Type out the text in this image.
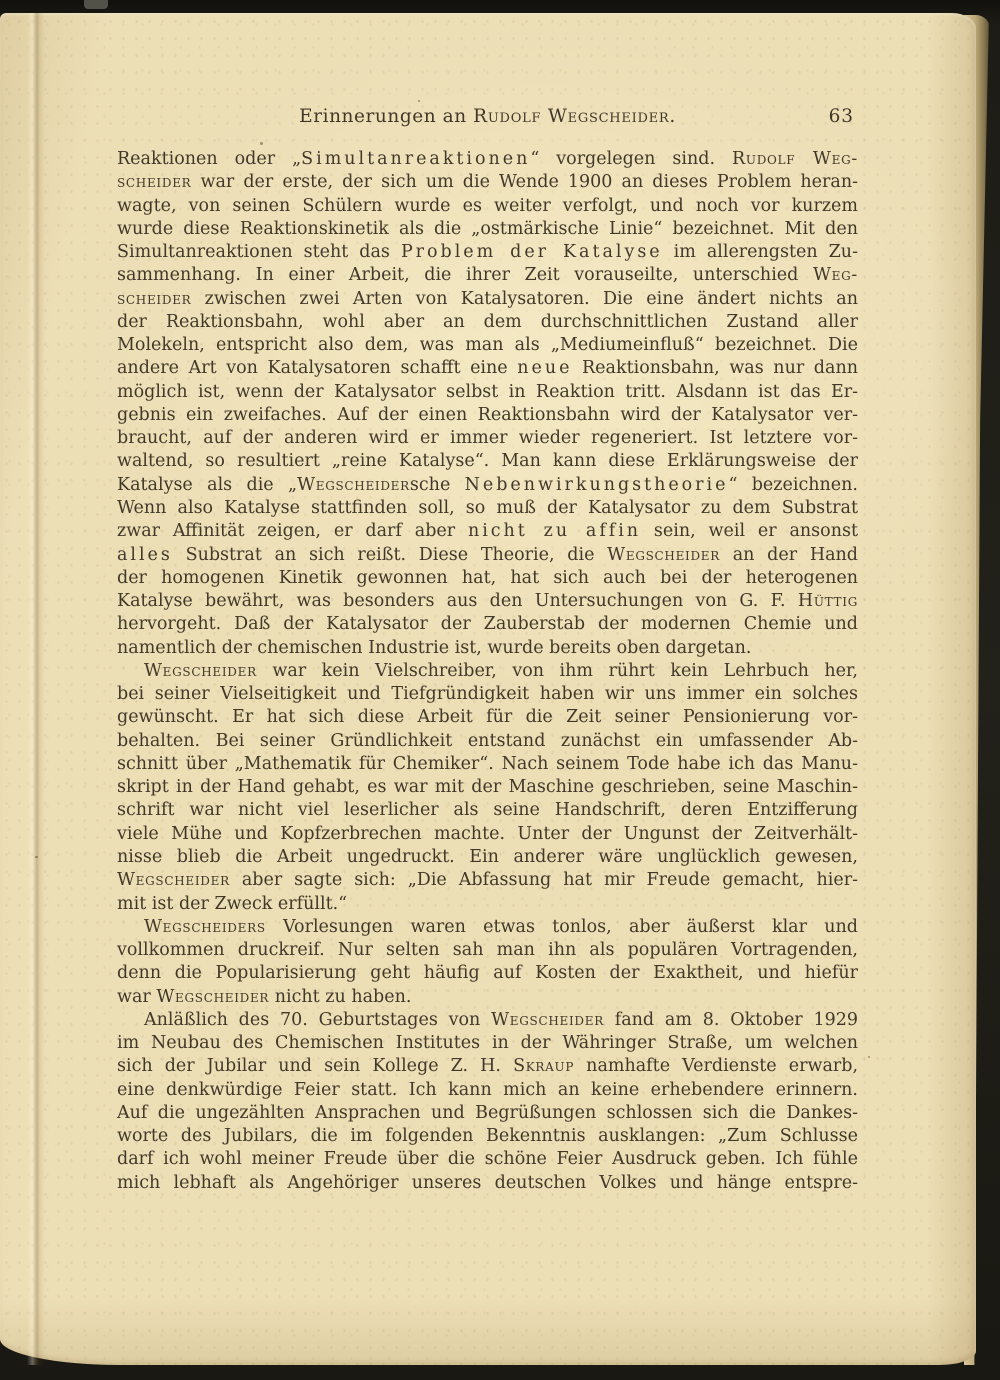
Erinnerungen an Rudolf Wegscheider.	63
Reaktionen oder „Simultanreaktionen“ vorgelegen sind. Rudolf Weg-
scheider war der erste, der sich um die Wende 1900 an dieses Problem heran-
wagte, von seinen Schülern wurde es weiter verfolgt, und noch vor kurzem
wurde diese Reaktionskinetik als die „ostmärkische Linie“ bezeichnet. Mit den
Simultanreaktionen steht das Problem der Katalyse im allerengsten Zu-
sammenhang. In einer Arbeit, die ihrer Zeit vorauseilte, unterschied Weg-
scheider zwischen zwei Arten von Katalysatoren. Die eine ändert nichts an
der Reaktionsbahn, wohl aber an dem durchschnittlichen Zustand aller
Molekeln, entspricht also dem, was man als „Mediumeinfluß“ bezeichnet. Die
andere Art von Katalysatoren schafft eine neue Reaktionsbahn, was nur dann
möglich ist, wenn der Katalysator selbst in Reaktion tritt. Alsdann ist das Er-
gebnis ein zweifaches. Auf der einen Reaktionsbahn wird der Katalysator ver-
braucht, auf der anderen wird er immer wieder regeneriert. Ist letztere vor-
waltend, so resultiert „reine Katalyse“. Man kann diese Erklärungsweise der
Katalyse als die „Wegscheidersche Nebenwirkungstheorie“ bezeichnen.
Wenn also Katalyse stattfinden soll, so muß der Katalysator zu dem Substrat
zwar Affinität zeigen, er darf aber nicht zu affin sein, weil er ansonst
alles Substrat an sich reißt. Diese Theorie, die Wegscheider an der Hand
der homogenen Kinetik gewonnen hat, hat sich auch bei der heterogenen
Katalyse bewährt, was besonders aus den Untersuchungen von G. F. Hüttig
hervorgeht. Daß der Katalysator der Zauberstab der modernen Chemie und
namentlich der chemischen Industrie ist, wurde bereits oben dargetan.
Wegscheider war kein Vielschreiber, von ihm rührt kein Lehrbuch her,
bei seiner Vielseitigkeit und Tiefgründigkeit haben wir uns immer ein solches
gewünscht. Er hat sich diese Arbeit für die Zeit seiner Pensionierung vor-
behalten. Bei seiner Gründlichkeit entstand zunächst ein umfassender Ab-
schnitt über „Mathematik für Chemiker“. Nach seinem Tode habe ich das Manu-
skript in der Hand gehabt, es war mit der Maschine geschrieben, seine Maschin-
schrift war nicht viel leserlicher als seine Handschrift, deren Entzifferung
viele Mühe und Kopfzerbrechen machte. Unter der Ungunst der Zeitverhält-
nisse blieb die Arbeit ungedruckt. Ein anderer wäre unglücklich gewesen,
Wegscheider aber sagte sich: „Die Abfassung hat mir Freude gemacht, hier-
mit ist der Zweck erfüllt.“
Wegscheiders Vorlesungen waren etwas tonlos, aber äußerst klar und
vollkommen druckreif. Nur selten sah man ihn als populären Vortragenden,
denn die Popularisierung geht häufig auf Kosten der Exaktheit, und hiefür
war Wegscheider nicht zu haben.
Anläßlich des 70. Geburtstages von Wegscheider fand am 8. Oktober 1929
im Neubau des Chemischen Institutes in der Währinger Straße, um welchen
sich der Jubilar und sein Kollege Z. H. Skraup namhafte Verdienste erwarb,
eine denkwürdige Feier statt. Ich kann mich an keine erhebendere erinnern.
Auf die ungezählten Ansprachen und Begrüßungen schlossen sich die Dankes-
worte des Jubilars, die im folgenden Bekenntnis ausklangen: „Zum Schlusse
darf ich wohl meiner Freude über die schöne Feier Ausdruck geben. Ich fühle
mich lebhaft als Angehöriger unseres deutschen Volkes und hänge entspre-
